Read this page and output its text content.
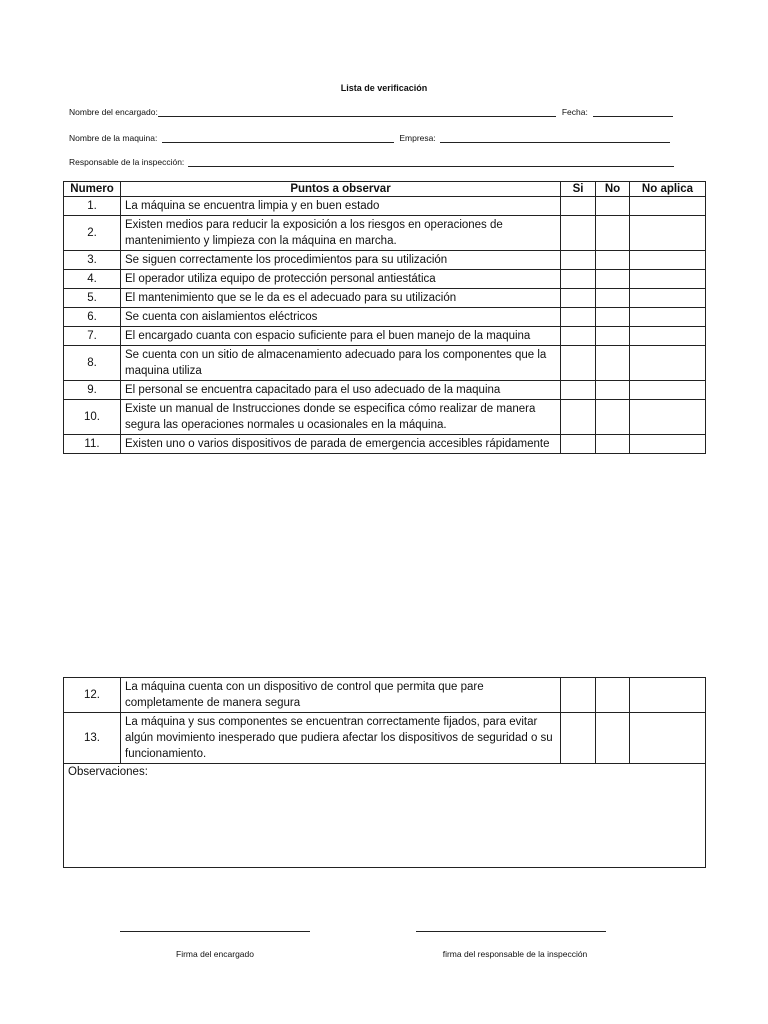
Lista de verificación
Nombre del encargado:	Fecha:
Nombre de la maquina:	Empresa:
Responsable de la inspección:
Numero	Puntos a observar	Si	No	No aplica
1.	La máquina se encuentra limpia y en buen estado			
2.	Existen medios para reducir la exposición a los riesgos en operaciones de mantenimiento y limpieza con la máquina en marcha.			
3.	Se siguen correctamente los procedimientos para su utilización			
4.	El operador utiliza equipo de protección personal antiestática			
5.	El mantenimiento que se le da es el adecuado para su utilización			
6.	Se cuenta con aislamientos eléctricos			
7.	El encargado cuanta con espacio suficiente para el buen manejo de la maquina			
8.	Se cuenta con un sitio de almacenamiento adecuado para los componentes que la maquina utiliza			
9.	El personal se encuentra capacitado para el uso adecuado de la maquina			
10.	Existe un manual de Instrucciones donde se especifica cómo realizar de manera segura las operaciones normales u ocasionales en la máquina.			
11.	Existen uno o varios dispositivos de parada de emergencia accesibles rápidamente			
12.	La máquina cuenta con un dispositivo de control que permita que pare completamente de manera segura			
13.	La máquina y sus componentes se encuentran correctamente fijados, para evitar algún movimiento inesperado que pudiera afectar los dispositivos de seguridad o su funcionamiento.			
Observaciones:				
Firma del encargado	firma del responsable de la inspección
